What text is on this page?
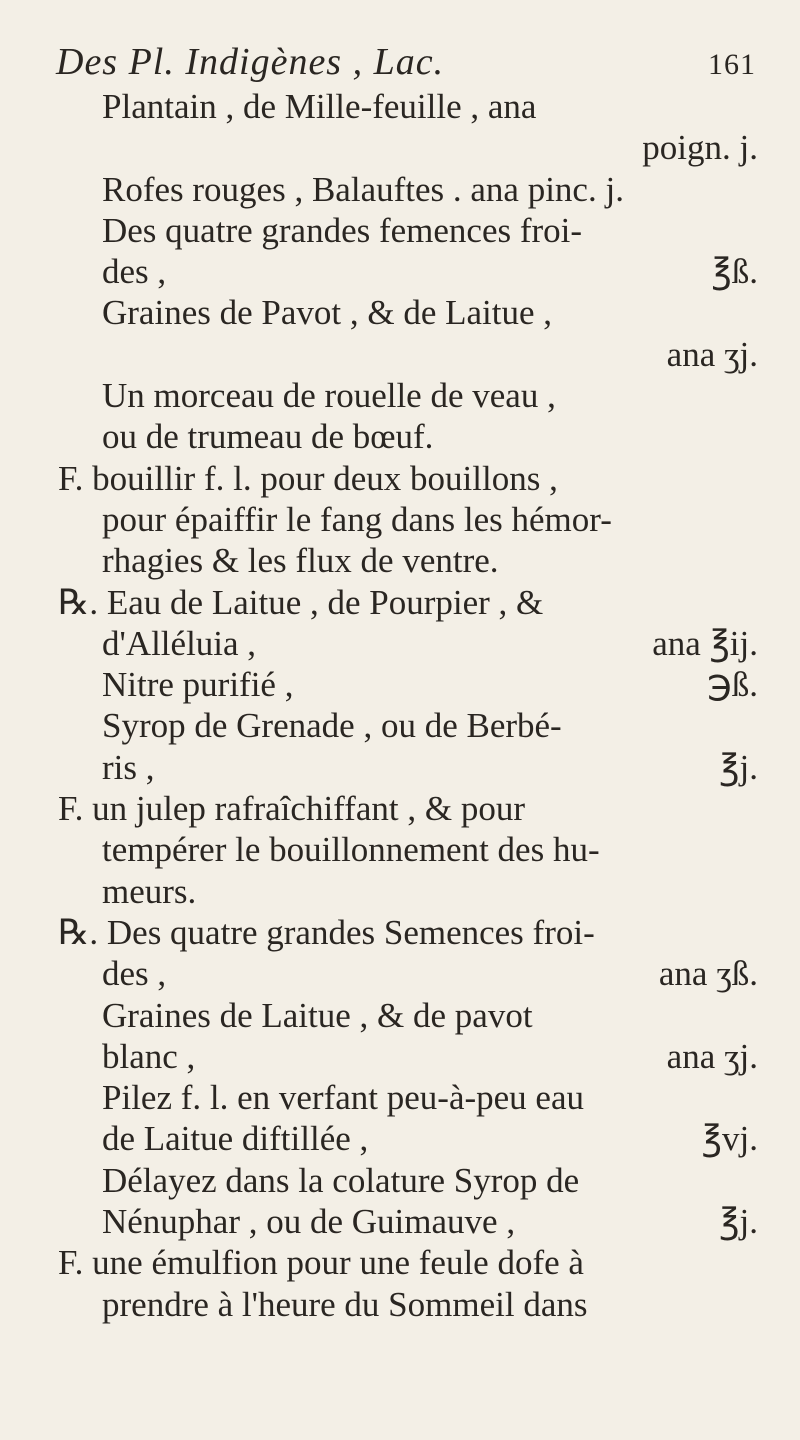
Des Pl. Indigènes , Lac.	161
Plantain , de Mille-feuille , ana
poign. j.
Rofes rouges , Balauftes . ana pinc. j.
Des quatre grandes femences froi-
des ,	℥ß.
Graines de Pavot , & de Laitue ,
ana ʒj.
Un morceau de rouelle de veau ,
ou de trumeau de bœuf.
F. bouillir f. l. pour deux bouillons ,
pour épaiffir le fang dans les hémor-
rhagies & les flux de ventre.
℞. Eau de Laitue , de Pourpier , &
d'Alléluia ,	ana ℥ij.
Nitre purifié ,	℈ß.
Syrop de Grenade , ou de Berbé-
ris ,	℥j.
F. un julep rafraîchiffant , & pour
tempérer le bouillonnement des hu-
meurs.
℞. Des quatre grandes Semences froi-
des ,	ana ʒß.
Graines de Laitue , & de pavot
blanc ,	ana ʒj.
Pilez f. l. en verfant peu-à-peu eau
de Laitue diftillée ,	℥vj.
Délayez dans la colature Syrop de
Nénuphar , ou de Guimauve ,	℥j.
F. une émulfion pour une feule dofe à
prendre à l'heure du Sommeil dans
